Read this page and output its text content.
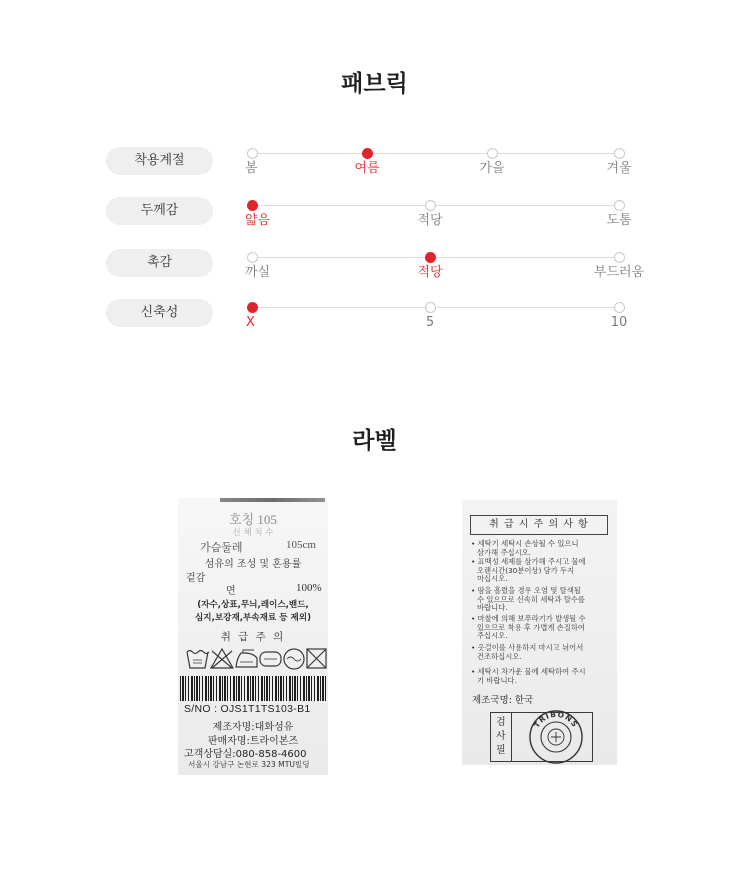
패브릭
착용계절
봄	여름	가을	겨울
두께감
얇음	적당	도톰
촉감
까실	적당	부드러움
신축성
X	5	10
라벨
호칭 105
신 체 치 수
가슴둘레	105cm
섬유의 조성 및 혼용률
겉감
면	100%
(자수,상표,무늬,레이스,밴드,
심지,보강재,부속재료 등 제외)
취 급 주 의
S/NO : OJS1T1TS103-B1
제조자명:대화섬유
판매자명:트라이본즈
고객상담실:080-858-4600
서울시 강남구 논현로 323 MTU빌딩
취 급 시 주 의 사 항
• 세탁기 세탁시 손상될 수 있으니
삼가해 주십시오.
• 표백성 세제를 삼가해 주시고 물에
오랜시간(30분이상) 담가 두지
마십시오.
• 땀을 흘렸을 경우 오염 및 탈색될
수 있으므로 신속히 세탁과 탈수를
바랍니다.
• 마찰에 의해 보푸라기가 발생될 수
있으므로 착용 후 가볍게 손질하여
주십시오.
• 옷걸이를 사용하지 마시고 뉘어서
건조하십시오.
• 세탁시 차가운 물에 세탁하여 주시
기 바랍니다.
제조국명: 한국
검
사
필
TRIBONS
